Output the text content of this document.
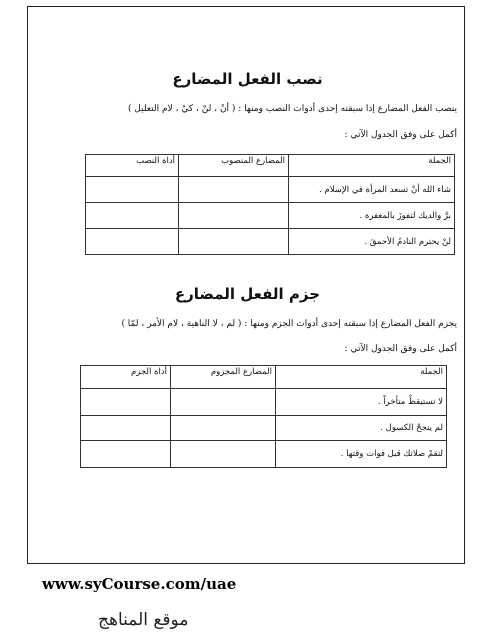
نصب الفعل المضارع
ينصب الفعل المضارع إذا سبقته إحدى أدوات النصب ومنها : ( أنْ ، لنْ ، كيْ ، لام التعليل )
أكمل على وفق الجدول الآتي :
الجملة	المضارع المنصوب	أداة النصب
شاء الله أنْ تسعد المرأة في الإسلام .		
برَّ والديك لتفوزَ بالمغفرة .		
لنْ يحترم النادمُ الأحمقَ .		
جزم الفعل المضارع
يجزم الفعل المضارع إذا سبقته إحدى أدوات الجزم ومنها : ( لم ، لا الناهية ، لام الأمر ، لمّا )
أكمل على وفق الجدول الآتي :
الجملة	المضارع المجزوم	أداة الجزم
لا تستيقظْ متأخراً .		
لم ينجحْ الكسول .		
لتقمْ صلاتك قبل فوات وقتها .		
www.syCourse.com/uae
موقع المناهج
